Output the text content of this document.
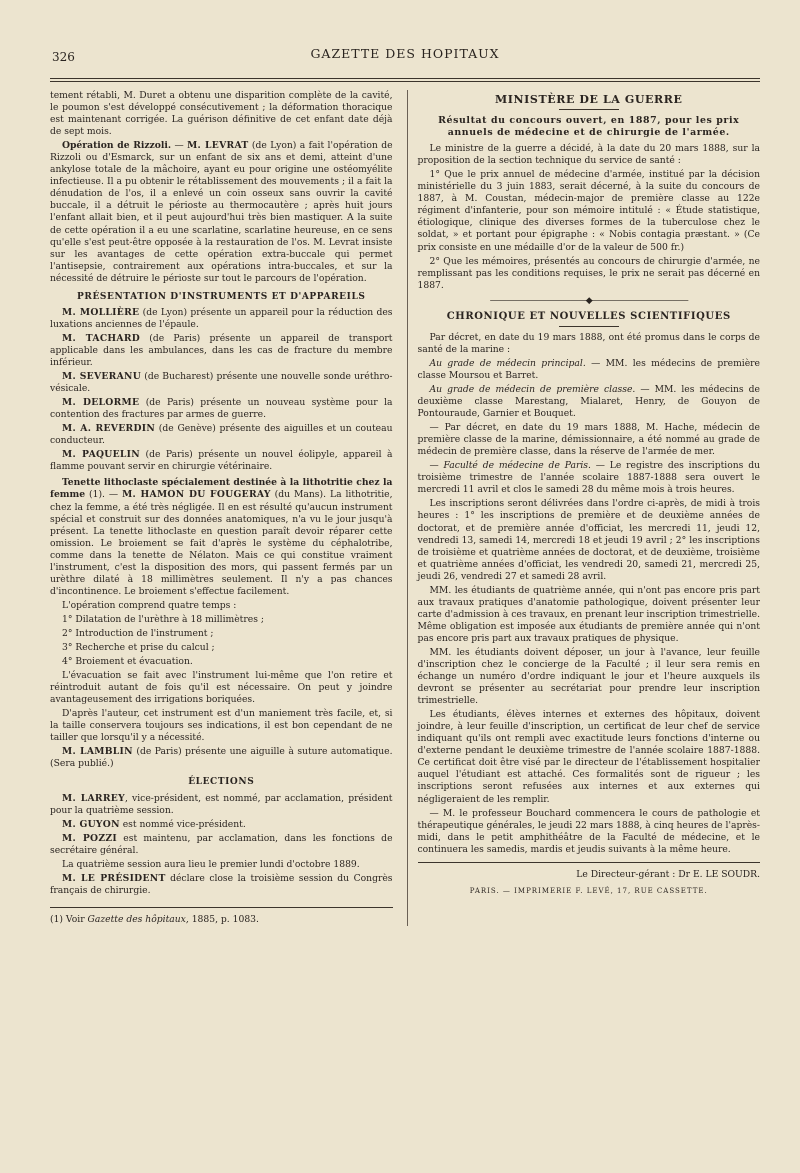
326	GAZETTE DES HOPITAUX

tement rétabli, M. Duret a obtenu une disparition complète de la cavité, le poumon s'est développé consécutivement ; la déformation thoracique est maintenant corrigée. La guérison définitive de cet enfant date déjà de sept mois.

Opération de Rizzoli. — M. LEVRAT (de Lyon) a fait l'opération de Rizzoli ou d'Esmarck, sur un enfant de six ans et demi, atteint d'une ankylose totale de la mâchoire, ayant eu pour origine une ostéomyélite infectieuse. Il a pu obtenir le rétablissement des mouvements ; il a fait la dénudation de l'os, il a enlevé un coin osseux sans ouvrir la cavité buccale, il a détruit le périoste au thermocautère ; après huit jours l'enfant allait bien, et il peut aujourd'hui très bien mastiquer. A la suite de cette opération il a eu une scarlatine, scarlatine heureuse, en ce sens qu'elle s'est peut-être opposée à la restauration de l'os. M. Levrat insiste sur les avantages de cette opération extra-buccale qui permet l'antisepsie, contrairement aux opérations intra-buccales, et sur la nécessité de détruire le périoste sur tout le parcours de l'opération.

PRÉSENTATION D'INSTRUMENTS ET D'APPAREILS

M. MOLLIÈRE (de Lyon) présente un appareil pour la réduction des luxations anciennes de l'épaule.

M. TACHARD (de Paris) présente un appareil de transport applicable dans les ambulances, dans les cas de fracture du membre inférieur.

M. SEVERANU (de Bucharest) présente une nouvelle sonde uréthro-vésicale.

M. DELORME (de Paris) présente un nouveau système pour la contention des fractures par armes de guerre.

M. A. REVERDIN (de Genève) présente des aiguilles et un couteau conducteur.

M. PAQUELIN (de Paris) présente un nouvel éolipyle, appareil à flamme pouvant servir en chirurgie vétérinaire.

Tenette lithoclaste spécialement destinée à la lithotritie chez la femme (1). — M. HAMON DU FOUGERAY (du Mans). La lithotritie, chez la femme, a été très négligée. Il en est résulté qu'aucun instrument spécial et construit sur des données anatomiques, n'a vu le jour jusqu'à présent. La tenette lithoclaste en question paraît devoir réparer cette omission. Le broiement se fait d'après le système du céphalotribe, comme dans la tenette de Nélaton. Mais ce qui constitue vraiment l'instrument, c'est la disposition des mors, qui passent fermés par un urèthre dilaté à 18 millimètres seulement. Il n'y a pas chances d'incontinence. Le broiement s'effectue facilement.

L'opération comprend quatre temps :

1° Dilatation de l'urèthre à 18 millimètres ;

2° Introduction de l'instrument ;

3° Recherche et prise du calcul ;

4° Broiement et évacuation.

L'évacuation se fait avec l'instrument lui-même que l'on retire et réintroduit autant de fois qu'il est nécessaire. On peut y joindre avantageusement des irrigations boriquées.

D'après l'auteur, cet instrument est d'un maniement très facile, et, si la taille conservera toujours ses indications, il est bon cependant de ne tailler que lorsqu'il y a nécessité.

M. LAMBLIN (de Paris) présente une aiguille à suture automatique. (Sera publié.)

ÉLECTIONS

M. LARREY, vice-président, est nommé, par acclamation, président pour la quatrième session.

M. GUYON est nommé vice-président.

M. POZZI est maintenu, par acclamation, dans les fonctions de secrétaire général.

La quatrième session aura lieu le premier lundi d'octobre 1889.

M. LE PRÉSIDENT déclare close la troisième session du Congrès français de chirurgie.

(1) Voir Gazette des hôpitaux, 1885, p. 1083.
MINISTÈRE DE LA GUERRE
Résultat du concours ouvert, en 1887, pour les prix annuels de médecine et de chirurgie de l'armée.

Le ministre de la guerre a décidé, à la date du 20 mars 1888, sur la proposition de la section technique du service de santé :

1° Que le prix annuel de médecine d'armée, institué par la décision ministérielle du 3 juin 1883, serait décerné, à la suite du concours de 1887, à M. Coustan, médecin-major de première classe au 122e régiment d'infanterie, pour son mémoire intitulé : « Étude statistique, étiologique, clinique des diverses formes de la tuberculose chez le soldat, » et portant pour épigraphe : « Nobis contagia præstant. » (Ce prix consiste en une médaille d'or de la valeur de 500 fr.)

2° Que les mémoires, présentés au concours de chirurgie d'armée, ne remplissant pas les conditions requises, le prix ne serait pas décerné en 1887.

————————————◆————————————
CHRONIQUE ET NOUVELLES SCIENTIFIQUES

Par décret, en date du 19 mars 1888, ont été promus dans le corps de santé de la marine :

Au grade de médecin principal. — MM. les médecins de première classe Moursou et Barret.

Au grade de médecin de première classe. — MM. les médecins de deuxième classe Marestang, Mialaret, Henry, de Gouyon de Pontouraude, Garnier et Bouquet.

— Par décret, en date du 19 mars 1888, M. Hache, médecin de première classe de la marine, démissionnaire, a été nommé au grade de médecin de première classe, dans la réserve de l'armée de mer.

— Faculté de médecine de Paris. — Le registre des inscriptions du troisième trimestre de l'année scolaire 1887-1888 sera ouvert le mercredi 11 avril et clos le samedi 28 du même mois à trois heures.

Les inscriptions seront délivrées dans l'ordre ci-après, de midi à trois heures : 1° les inscriptions de première et de deuxième années de doctorat, et de première année d'officiat, les mercredi 11, jeudi 12, vendredi 13, samedi 14, mercredi 18 et jeudi 19 avril ; 2° les inscriptions de troisième et quatrième années de doctorat, et de deuxième, troisième et quatrième années d'officiat, les vendredi 20, samedi 21, mercredi 25, jeudi 26, vendredi 27 et samedi 28 avril.

MM. les étudiants de quatrième année, qui n'ont pas encore pris part aux travaux pratiques d'anatomie pathologique, doivent présenter leur carte d'admission à ces travaux, en prenant leur inscription trimestrielle. Même obligation est imposée aux étudiants de première année qui n'ont pas encore pris part aux travaux pratiques de physique.

MM. les étudiants doivent déposer, un jour à l'avance, leur feuille d'inscription chez le concierge de la Faculté ; il leur sera remis en échange un numéro d'ordre indiquant le jour et l'heure auxquels ils devront se présenter au secrétariat pour prendre leur inscription trimestrielle.

Les étudiants, élèves internes et externes des hôpitaux, doivent joindre, à leur feuille d'inscription, un certificat de leur chef de service indiquant qu'ils ont rempli avec exactitude leurs fonctions d'interne ou d'externe pendant le deuxième trimestre de l'année scolaire 1887-1888. Ce certificat doit être visé par le directeur de l'établissement hospitalier auquel l'étudiant est attaché. Ces formalités sont de rigueur ; les inscriptions seront refusées aux internes et aux externes qui négligeraient de les remplir.

— M. le professeur Bouchard commencera le cours de pathologie et thérapeutique générales, le jeudi 22 mars 1888, à cinq heures de l'après-midi, dans le petit amphithéâtre de la Faculté de médecine, et le continuera les samedis, mardis et jeudis suivants à la même heure.

Le Directeur-gérant : Dr E. LE SOUDR.
PARIS. — IMPRIMERIE F. LEVÉ, 17, RUE CASSETTE.
